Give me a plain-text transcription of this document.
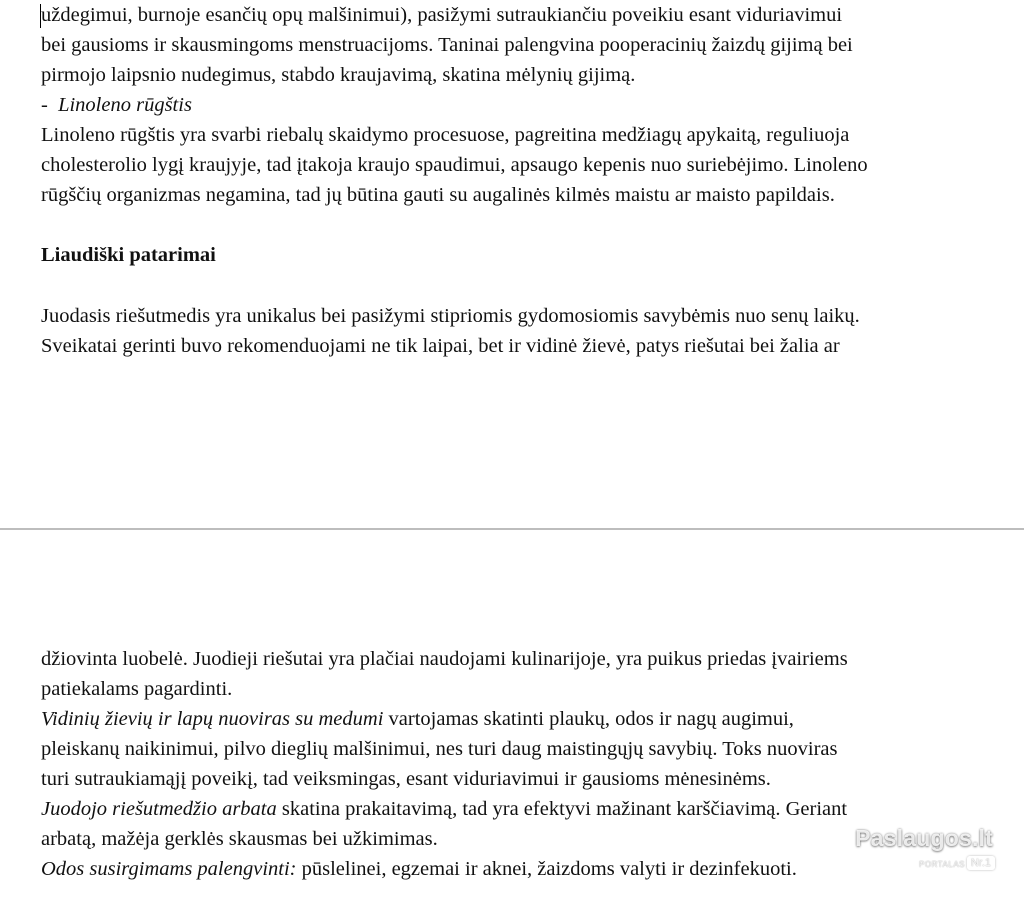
uždegimui, burnoje esančių opų malšinimui), pasižymi sutraukiančiu poveikiu esant viduriavimui
bei gausioms ir skausmingoms menstruacijoms. Taninai palengvina pooperacinių žaizdų gijimą bei
pirmojo laipsnio nudegimus, stabdo kraujavimą, skatina mėlynių gijimą.
- Linoleno rūgštis
Linoleno rūgštis yra svarbi riebalų skaidymo procesuose, pagreitina medžiagų apykaitą, reguliuoja
cholesterolio lygį kraujyje, tad įtakoja kraujo spaudimui, apsaugo kepenis nuo suriebėjimo. Linoleno
rūgščių organizmas negamina, tad jų būtina gauti su augalinės kilmės maistu ar maisto papildais.
Liaudiški patarimai
Juodasis riešutmedis yra unikalus bei pasižymi stipriomis gydomosiomis savybėmis nuo senų laikų.
Sveikatai gerinti buvo rekomenduojami ne tik laipai, bet ir vidinė žievė, patys riešutai bei žalia ar
džiovinta luobelė. Juodieji riešutai yra plačiai naudojami kulinarijoje, yra puikus priedas įvairiems
patiekalams pagardinti.
Vidinių žievių ir lapų nuoviras su medumi vartojamas skatinti plaukų, odos ir nagų augimui,
pleiskanų naikinimui, pilvo dieglių malšinimui, nes turi daug maistingųjų savybių. Toks nuoviras
turi sutraukiamąjį poveikį, tad veiksmingas, esant viduriavimui ir gausioms mėnesinėms.
Juodojo riešutmedžio arbata skatina prakaitavimą, tad yra efektyvi mažinant karščiavimą. Geriant
arbatą, mažėja gerklės skausmas bei užkimimas.
Odos susirgimams palengvinti: pūslelinei, egzemai ir aknei, žaizdoms valyti ir dezinfekuoti.
Paslaugos.lt
PORTALAS Nr.1
